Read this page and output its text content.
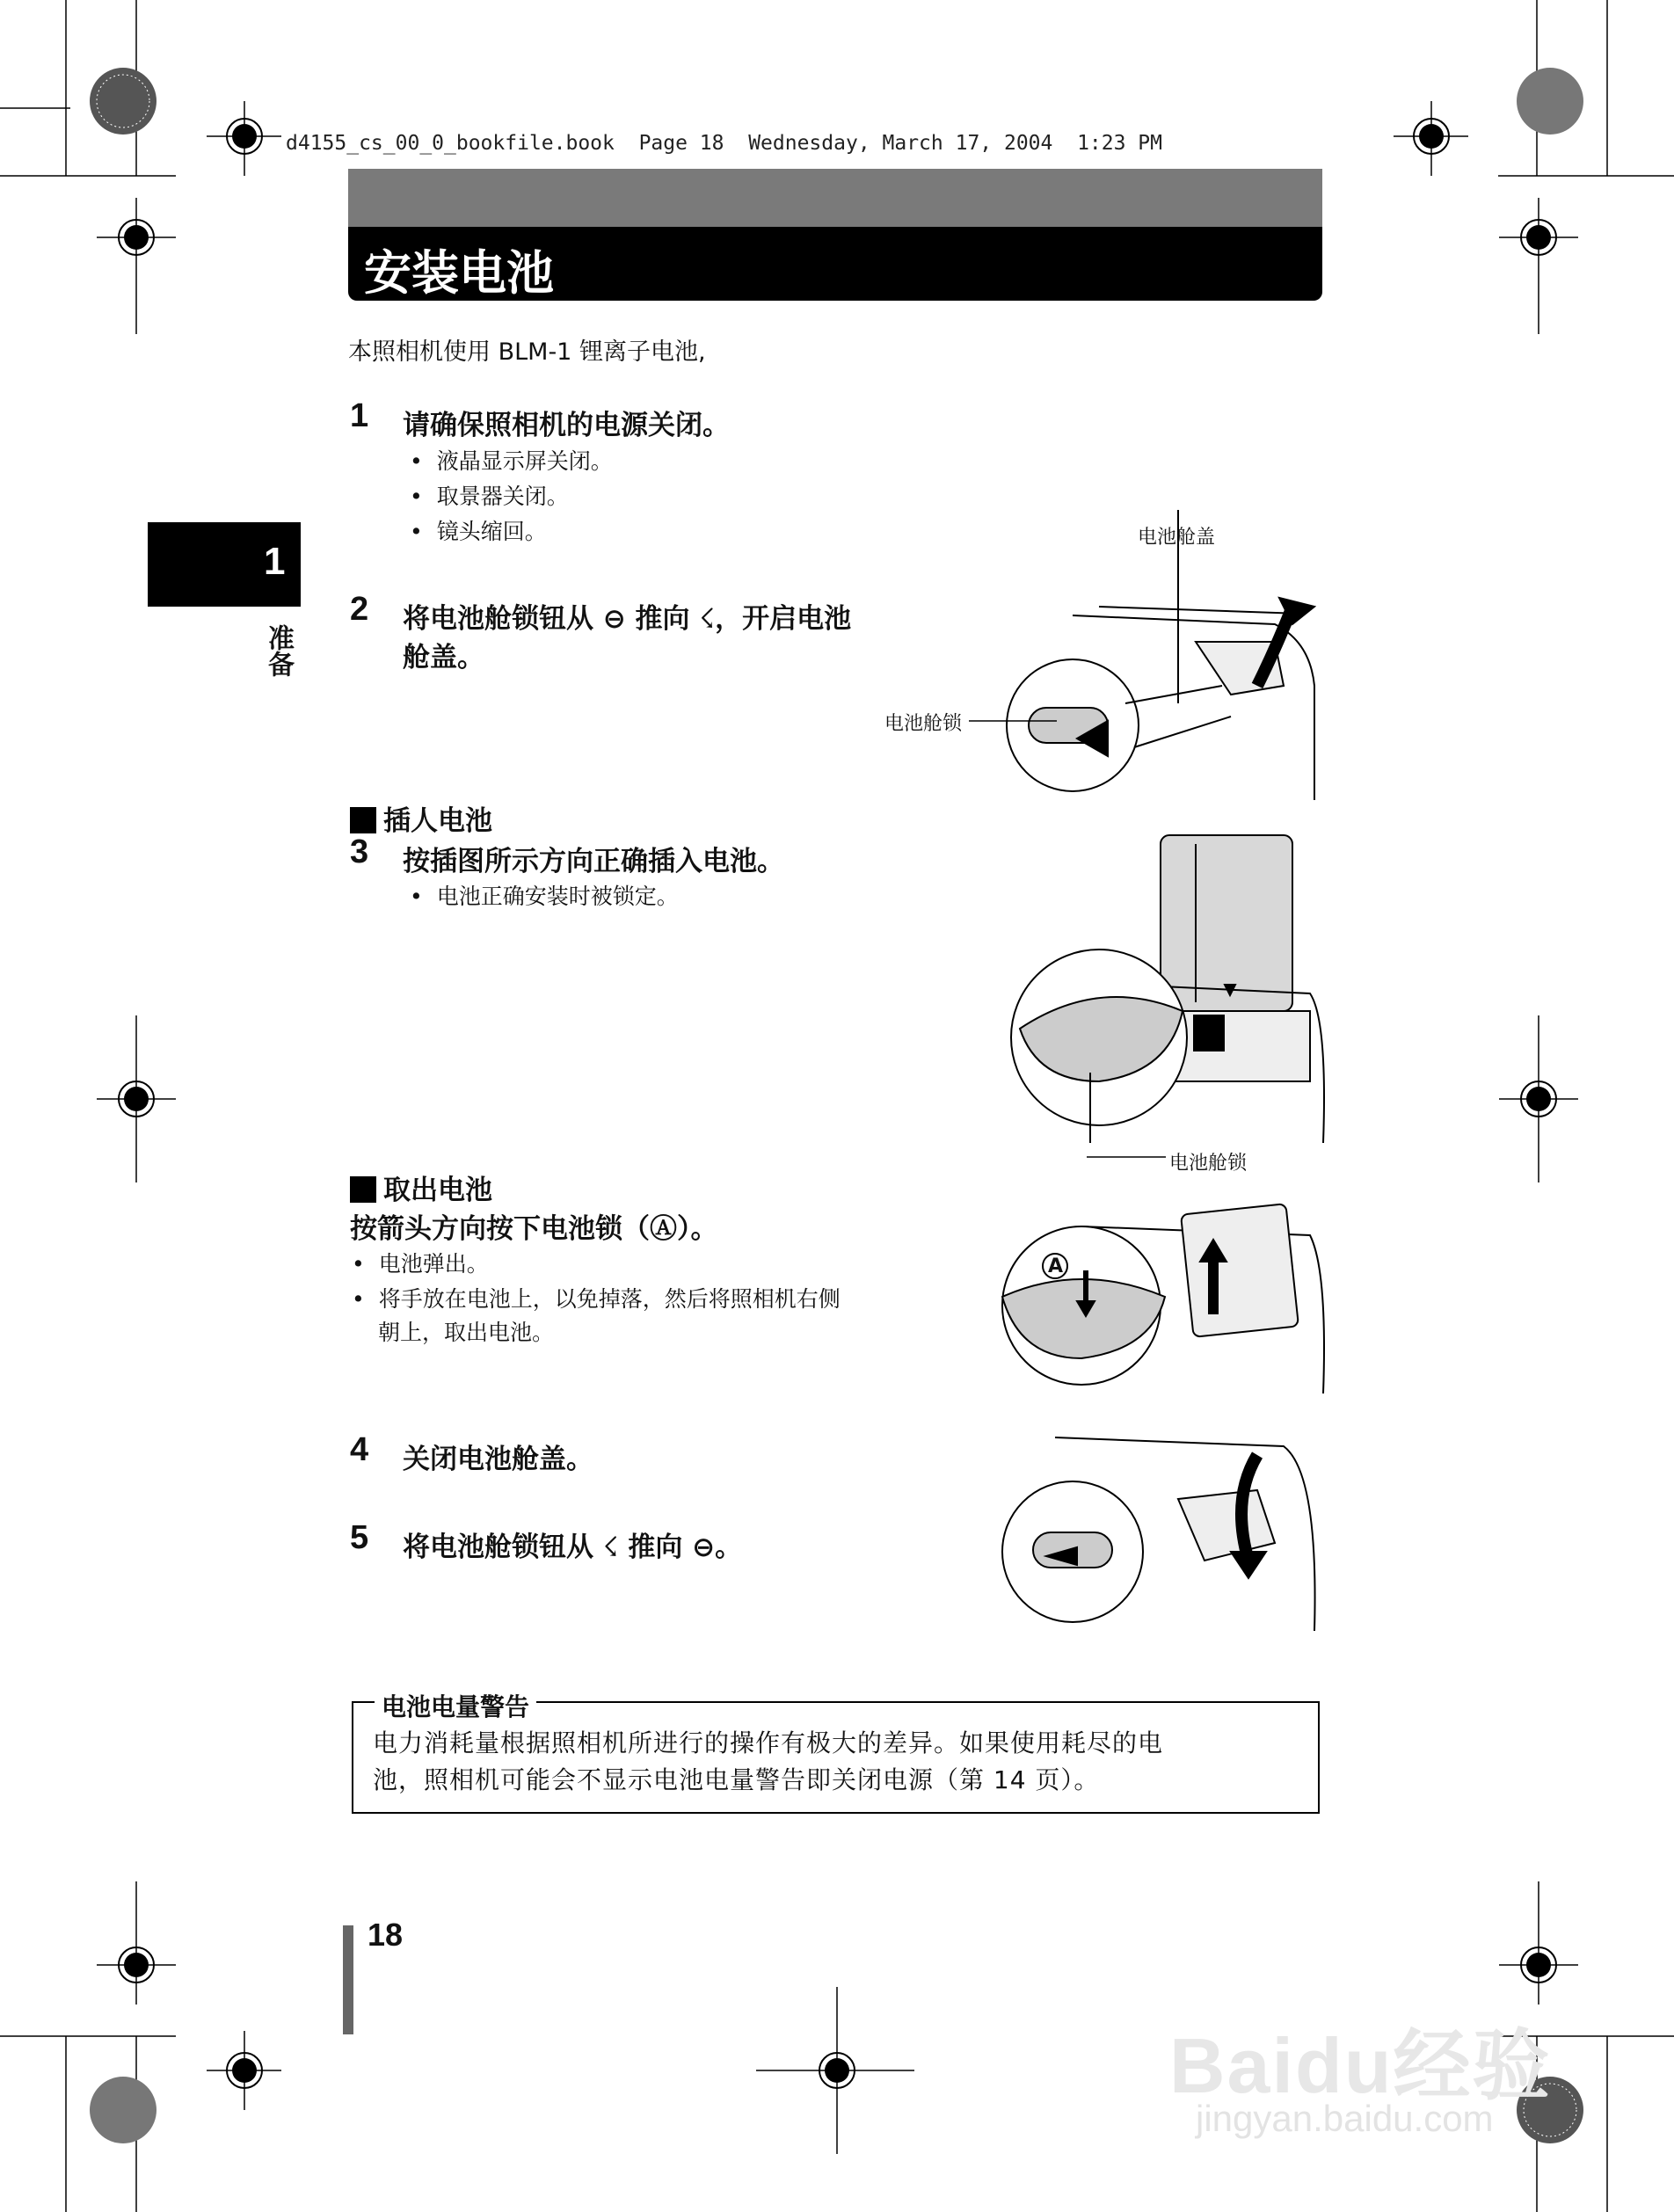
d4155_cs_00_0_bookfile.book  Page 18  Wednesday, March 17, 2004  1:23 PM
安装电池
本照相机使用 BLM-1 锂离子电池,
1
准备
1 请确保照相机的电源关闭。
• 液晶显示屏关闭。
• 取景器关闭。
• 镜头缩回。
2 将电池舱锁钮从 ⊖ 推向 ☇，开启电池
舱盖。
插人电池
3 按插图所示方向正确插入电池。
• 电池正确安装时被锁定。
取出电池
按箭头方向按下电池锁（Ⓐ）。
• 电池弹出。
• 将手放在电池上，以免掉落，然后将照相机右侧
朝上，取出电池。
4 关闭电池舱盖。
5 将电池舱锁钮从 ☇ 推向 ⊖。
电池舱盖
电池舱锁
电池舱锁
A
电池电量警告
电力消耗量根据照相机所进行的操作有极大的差异。如果使用耗尽的电
池，照相机可能会不显示电池电量警告即关闭电源（第 14 页）。
18
Baidu经验
jingyan.baidu.com
